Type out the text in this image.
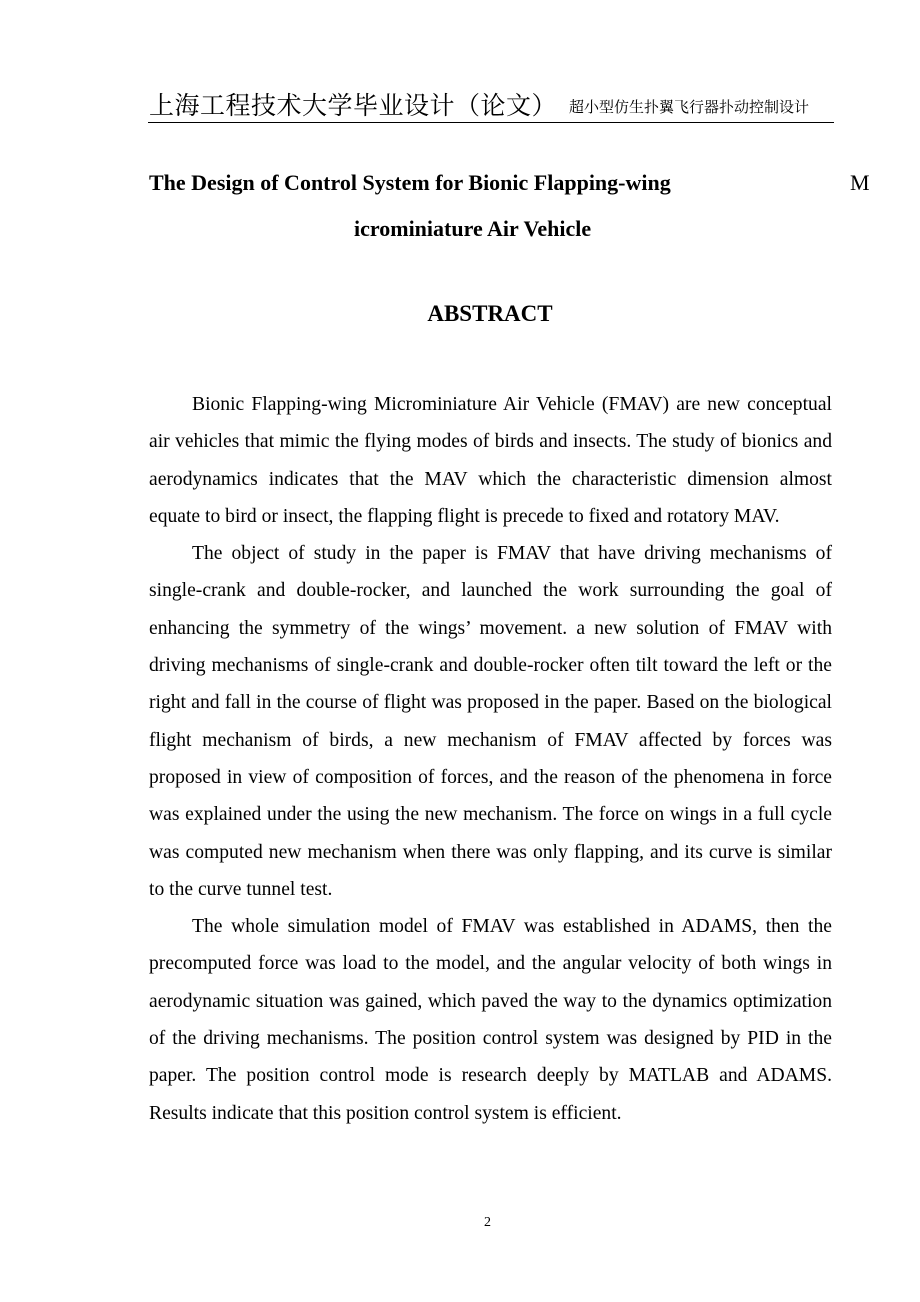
上海工程技术大学毕业设计（论文） 超小型仿生扑翼飞行器扑动控制设计
The Design of Control System for Bionic Flapping-wing	M
icrominiature Air Vehicle
ABSTRACT

Bionic Flapping-wing Microminiature Air Vehicle (FMAV) are new conceptual air vehicles that mimic the flying modes of birds and insects. The study of bionics and aerodynamics indicates that the MAV which the characteristic dimension almost equate to bird or insect, the flapping flight is precede to fixed and rotatory MAV.

The object of study in the paper is FMAV that have driving mechanisms of single-crank and double-rocker, and launched the work surrounding the goal of enhancing the symmetry of the wings’ movement. a new solution of FMAV with driving mechanisms of single-crank and double-rocker often tilt toward the left or the right and fall in the course of flight was proposed in the paper. Based on the biological flight mechanism of birds, a new mechanism of FMAV affected by forces was proposed in view of composition of forces, and the reason of the phenomena in force was explained under the using the new mechanism. The force on wings in a full cycle was computed new mechanism when there was only flapping, and its curve is similar to the curve tunnel test.

The whole simulation model of FMAV was established in ADAMS, then the precomputed force was load to the model, and the angular velocity of both wings in aerodynamic situation was gained, which paved the way to the dynamics optimization of the driving mechanisms. The position control system was designed by PID in the paper. The position control mode is research deeply by MATLAB and ADAMS. Results indicate that this position control system is efficient.

2
